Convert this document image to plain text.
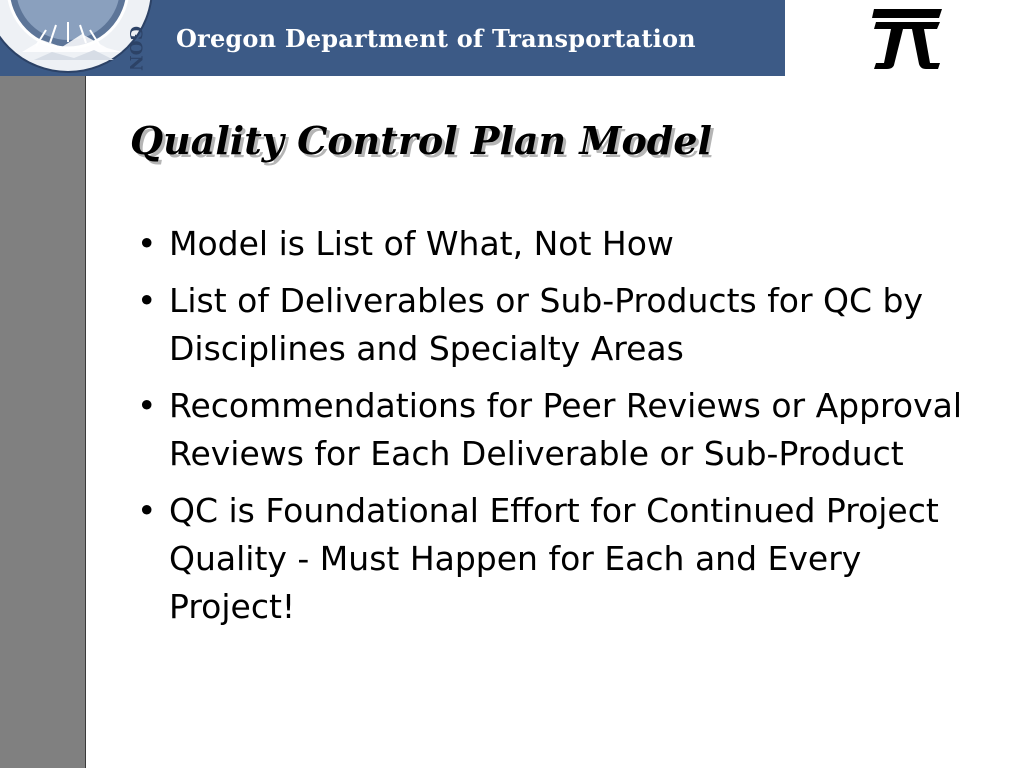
GON Oregon Department of Transportation
Quality Control Plan Model
• Model is List of What, Not How
• List of Deliverables or Sub-Products for QC by Disciplines and Specialty Areas
• Recommendations for Peer Reviews or Approval Reviews for Each Deliverable or Sub-Product
• QC is Foundational Effort for Continued Project Quality - Must Happen for Each and Every Project!
